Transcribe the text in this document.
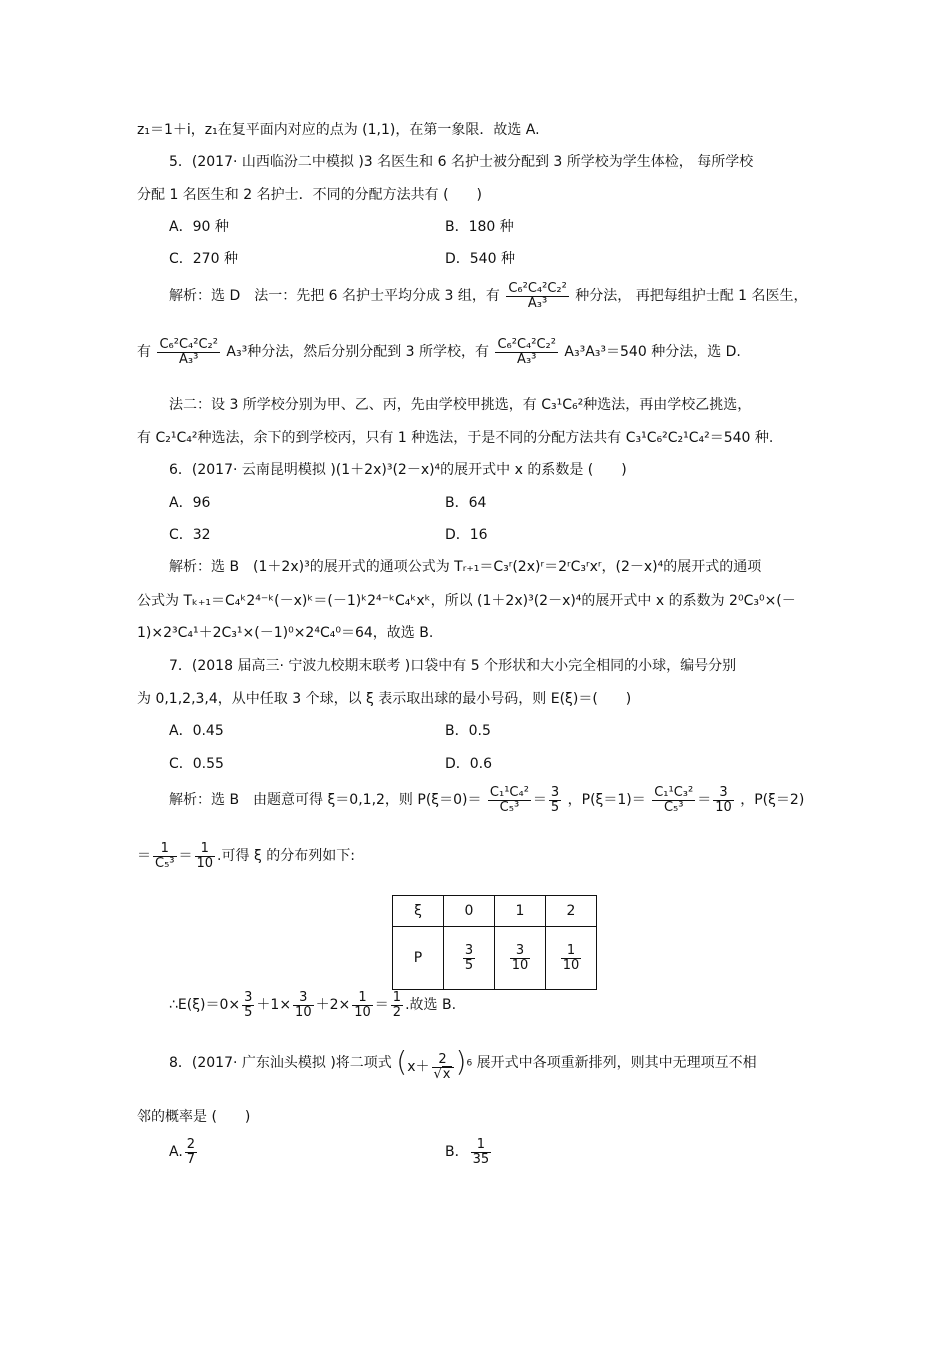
z₁＝1＋i，z₁在复平面内对应的点为 (1,1)，在第一象限．故选 A.
5．(2017· 山西临汾二中模拟 )3 名医生和 6 名护士被分配到 3 所学校为学生体检， 每所学校
分配 1 名医生和 2 名护士．不同的分配方法共有 (　　)
A．90 种	B．180 种
C．270 种	D．540 种
解析：选 D　法一：先把 6 名护士平均分成 3 组，有 $\frac{\text{C₆²C₄²C₂²}}{\text{A₃³}}$ 种分法， 再把每组护士配 1 名医生，
有 $\frac{\text{C₆²C₄²C₂²}}{\text{A₃³}} A_3^3$种分法，然后分别分配到 3 所学校，有 $\frac{\text{C₆²C₄²C₂²}}{\text{A₃³}} A_3^3A_3^3=540$ 种分法，选 D.
法二：设 3 所学校分别为甲、乙、丙，先由学校甲挑选，有 C₃¹C₆²种选法，再由学校乙挑选，
有 C₂¹C₄²种选法，余下的到学校丙，只有 1 种选法，于是不同的分配方法共有 C₃¹C₆²C₂¹C₄²＝540 种.
6．(2017· 云南昆明模拟 )(1＋2x)³(2－x)⁴的展开式中 x 的系数是 (　　)
A．96	B．64
C．32	D．16
解析：选 B　(1＋2x)³的展开式的通项公式为 Tᵣ₊₁＝C₃ʳ(2x)ʳ＝2ʳC₃ʳxʳ，(2－x)⁴的展开式的通项
公式为 Tₖ₊₁＝C₄ᵏ2⁴⁻ᵏ(－x)ᵏ＝(－1)ᵏ2⁴⁻ᵏC₄ᵏxᵏ，所以 (1＋2x)³(2－x)⁴的展开式中 x 的系数为 2⁰C₃⁰×(－
1)×2³C₄¹＋2C₃¹×(－1)⁰×2⁴C₄⁰＝64，故选 B.
7．(2018 届高三· 宁波九校期末联考 )口袋中有 5 个形状和大小完全相同的小球，编号分别
为 0,1,2,3,4，从中任取 3 个球，以 ξ 表示取出球的最小号码，则 E(ξ)＝(　　)
A．0.45	B．0.5
C．0.55	D．0.6
解析：选 B　由题意可得 ξ＝0,1,2，则 $P(\xi=0)= \frac{\text{C₁¹C₄²}}{\text{C₅³}} = \frac{3}{5}$ ，$P(\xi=1)= \frac{\text{C₁¹C₃²}}{\text{C₅³}} = \frac{3}{10}$ ，P(ξ＝2)
＝ $\frac{1}{\text{C₅³}} = \frac{1}{10}$ .可得 ξ 的分布列如下:
ξ	0	1	2
P	$\frac{3}{5}$	$\frac{3}{10}$	$\frac{1}{10}$
∴E(ξ)＝0× $\frac{3}{5} +1\times \frac{3}{10} +2\times \frac{1}{10} = \frac{1}{2}$ .故选 B.
8．(2017· 广东汕头模拟 )将二项式 $(x+ \frac{2}{√x} )^6$ 展开式中各项重新排列，则其中无理项互不相
邻的概率是 (　　)
A. $\frac{2}{7}$	B． $\frac{1}{35}$
